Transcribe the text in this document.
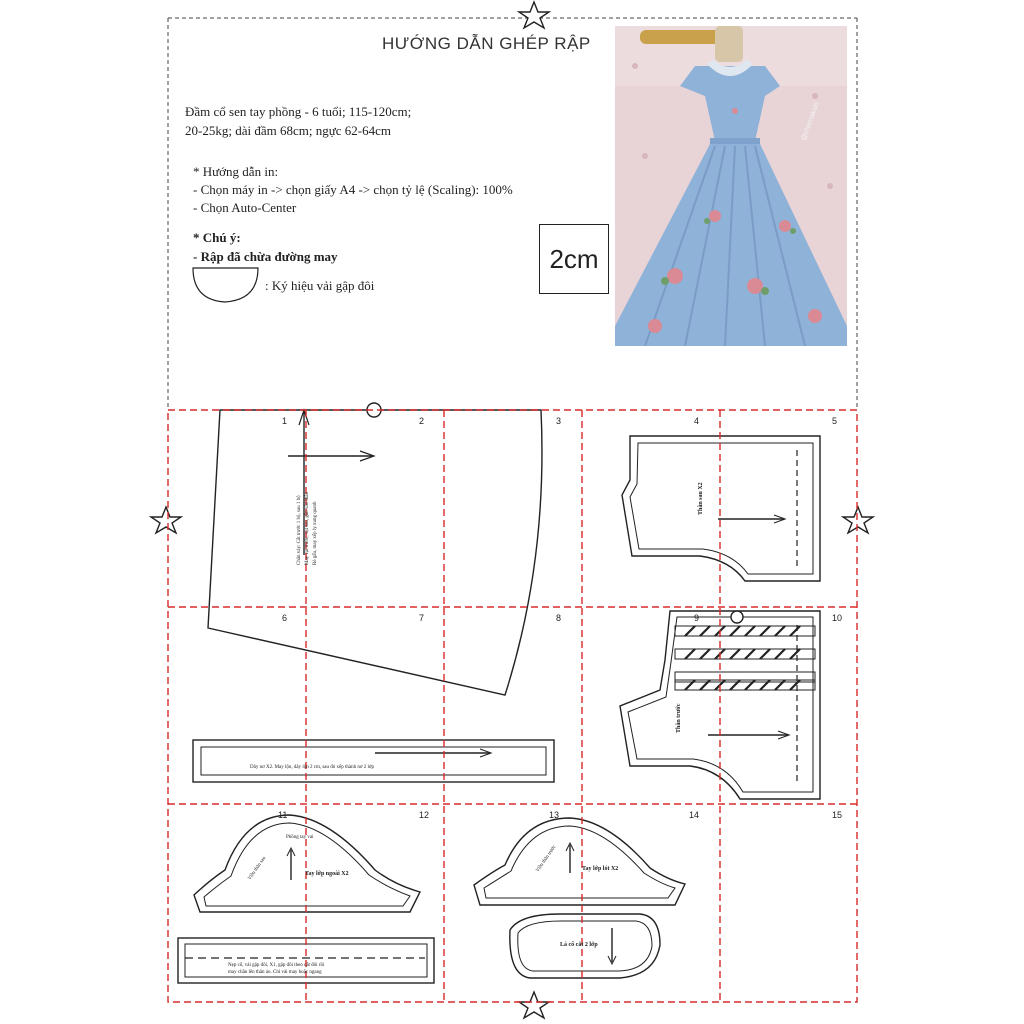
HƯỚNG DẪN GHÉP RẬP
Đầm cổ sen tay phồng - 6 tuổi; 115-120cm;
20-25kg; dài đầm 68cm; ngực 62-64cm
* Hướng dẫn in:
- Chọn máy in -> chọn giấy A4 -> chọn tỷ lệ (Scaling): 100%
- Chọn Auto-Center
* Chú ý:
- Rập đã chừa đường may
: Ký hiệu vải gập đôi
2cm
@chamakids
1	2	3	4	5
6	7	8	9	10
11	12	13	14	15
Chân váy: Cắt trước 1 bộ, sau 1 bộ May vạt trước, vạt sau, gắn vào thân Rẻ gấu, may xếp ly xung quanh
Thân sau X2
Thân trước
Dây nơ X2. May lộn, dây lộn 2 cm, sau đó xếp thành nơ 2 lớp
Phồng tay vai
Viền thân sau	Tay lớp ngoài X2
Viền thân trước	Tay lớp lót X2
Lá cổ cắt 2 lớp
Nẹp cổ, vải gập đôi, X1, gập đôi theo cắt đôi rồi
may chần lên thân áo. Chỉ vải may hoặc ngang
